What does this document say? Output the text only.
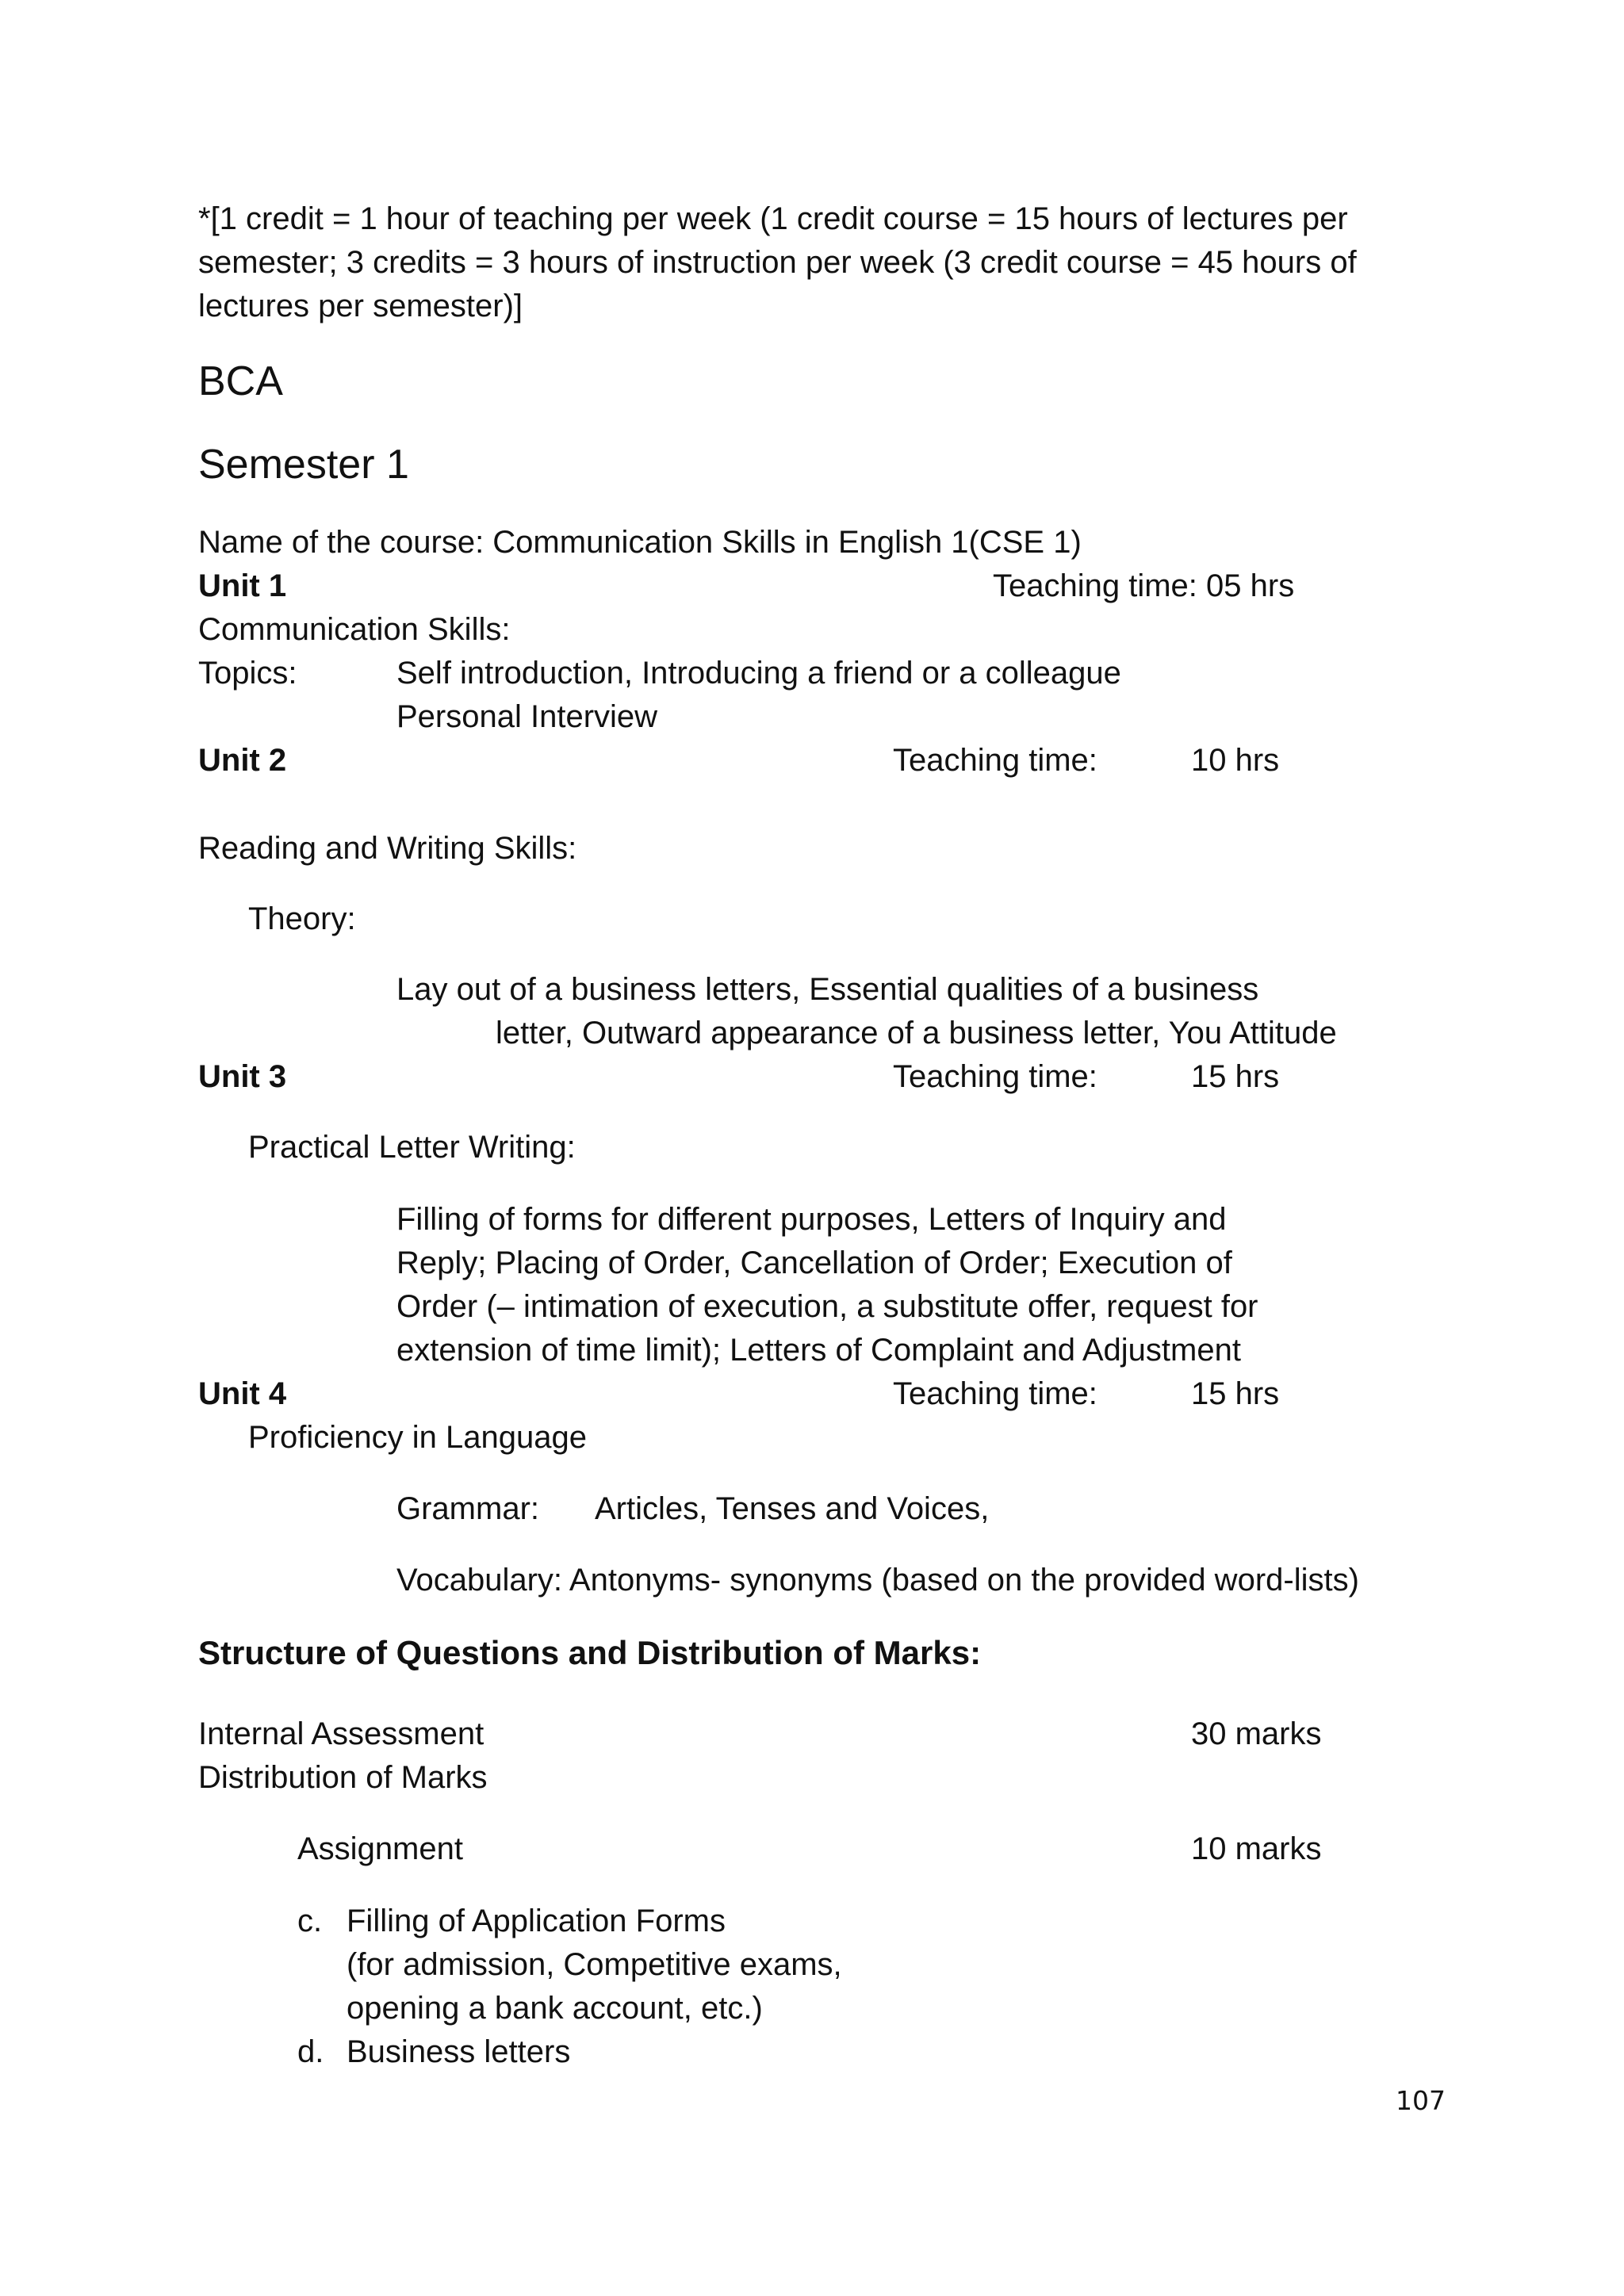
*[1 credit = 1 hour of teaching per week (1 credit course = 15 hours of lectures per
semester; 3 credits = 3 hours of instruction per week (3 credit course = 45 hours of
lectures per semester)]
BCA
Semester 1
Name of the course: Communication Skills in English 1(CSE 1)
Unit 1	Teaching time: 05 hrs
Communication Skills:
Topics:	Self introduction, Introducing a friend or a colleague
Personal Interview
Unit 2	Teaching time:	10 hrs
Reading and Writing Skills:
Theory:
Lay out of a business letters, Essential qualities of a business
letter, Outward appearance of a business letter, You Attitude
Unit 3	Teaching time:	15 hrs
Practical Letter Writing:
Filling of forms for different purposes, Letters of Inquiry and
Reply; Placing of Order, Cancellation of Order; Execution of
Order (– intimation of execution, a substitute offer, request for
extension of time limit); Letters of Complaint and Adjustment
Unit 4	Teaching time:	15 hrs
Proficiency in Language
Grammar: Articles, Tenses and Voices,
Vocabulary: Antonyms- synonyms (based on the provided word-lists)
Structure of Questions and Distribution of Marks:
Internal Assessment	30 marks
Distribution of Marks
Assignment	10 marks
c. Filling of Application Forms
(for admission, Competitive exams,
opening a bank account, etc.)
d. Business letters
107
